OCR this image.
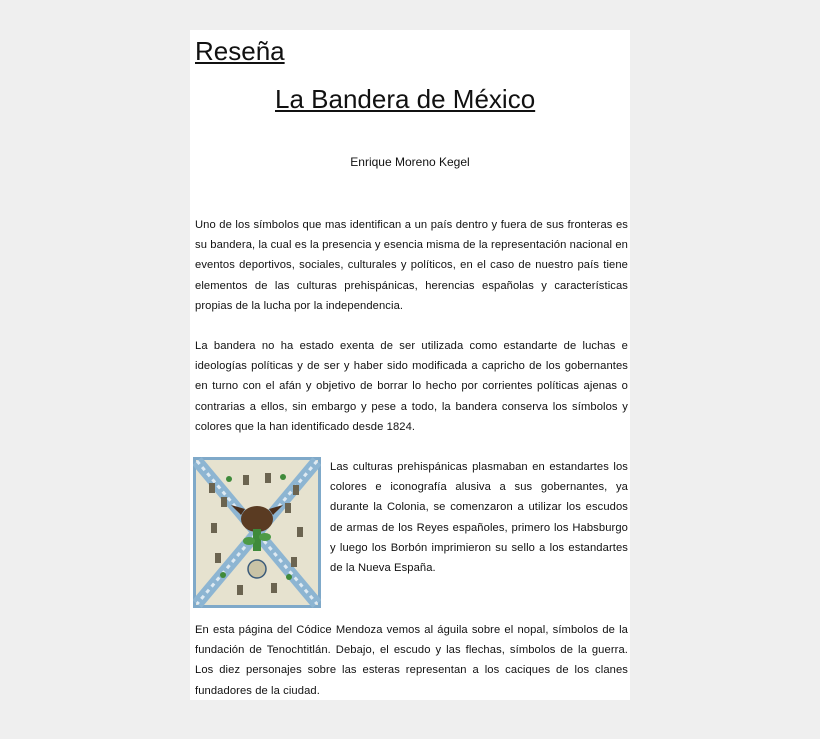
Reseña
La Bandera de México
Enrique Moreno Kegel

Uno de los símbolos que mas identifican a un país dentro y fuera de sus fronteras es su bandera, la cual es la presencia y esencia misma de la representación nacional en eventos deportivos, sociales, culturales y políticos, en el caso de nuestro país tiene elementos de las culturas prehispánicas, herencias españolas y características propias de la lucha por la independencia.

La bandera no ha estado exenta de ser utilizada como estandarte de luchas e ideologías políticas y de ser y haber sido modificada a capricho de los gobernantes en turno con el afán y objetivo de borrar lo hecho por corrientes políticas ajenas o contrarias a ellos, sin embargo y pese a todo, la bandera conserva los símbolos y colores que la han identificado desde 1824.

Las culturas prehispánicas plasmaban en estandartes los colores e iconografía alusiva a sus gobernantes, ya durante la Colonia, se comenzaron a utilizar los escudos de armas de los Reyes españoles, primero los Habsburgo y luego los Borbón imprimieron su sello a los estandartes de la Nueva España.

En esta página del Códice Mendoza vemos al águila sobre el nopal, símbolos de la fundación de Tenochtitlán. Debajo, el escudo y las flechas, símbolos de la guerra. Los diez personajes sobre las esteras representan a los caciques de los clanes fundadores de la ciudad.
